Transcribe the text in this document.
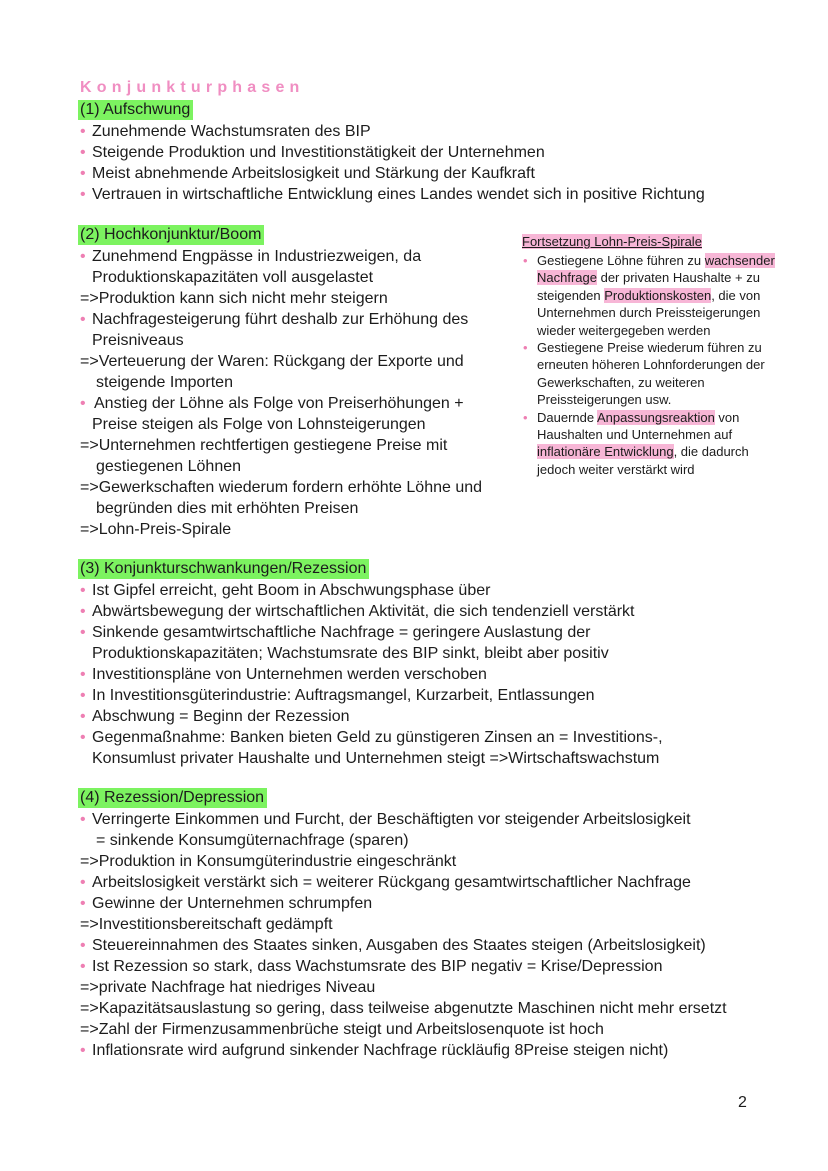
Konjunkturphasen
(1) Aufschwung
• Zunehmende Wachstumsraten des BIP
• Steigende Produktion und Investitionstätigkeit der Unternehmen
• Meist abnehmende Arbeitslosigkeit und Stärkung der Kaufkraft
• Vertrauen in wirtschaftliche Entwicklung eines Landes wendet sich in positive Richtung
(2) Hochkonjunktur/Boom
• Zunehmend Engpässe in Industriezweigen, da
Produktionskapazitäten voll ausgelastet
=>Produktion kann sich nicht mehr steigern
• Nachfragesteigerung führt deshalb zur Erhöhung des
Preisniveaus
=>Verteuerung der Waren: Rückgang der Exporte und
steigende Importen
• Anstieg der Löhne als Folge von Preiserhöhungen +
Preise steigen als Folge von Lohnsteigerungen
=>Unternehmen rechtfertigen gestiegene Preise mit
gestiegenen Löhnen
=>Gewerkschaften wiederum fordern erhöhte Löhne und
begründen dies mit erhöhten Preisen
=>Lohn-Preis-Spirale
Fortsetzung Lohn-Preis-Spirale
• Gestiegene Löhne führen zu wachsender
Nachfrage der privaten Haushalte + zu
steigenden Produktionskosten, die von
Unternehmen durch Preissteigerungen
wieder weitergegeben werden
• Gestiegene Preise wiederum führen zu
erneuten höheren Lohnforderungen der
Gewerkschaften, zu weiteren
Preissteigerungen usw.
• Dauernde Anpassungsreaktion von
Haushalten und Unternehmen auf
inflationäre Entwicklung, die dadurch
jedoch weiter verstärkt wird
(3) Konjunkturschwankungen/Rezession
• Ist Gipfel erreicht, geht Boom in Abschwungsphase über
• Abwärtsbewegung der wirtschaftlichen Aktivität, die sich tendenziell verstärkt
• Sinkende gesamtwirtschaftliche Nachfrage = geringere Auslastung der
Produktionskapazitäten; Wachstumsrate des BIP sinkt, bleibt aber positiv
• Investitionspläne von Unternehmen werden verschoben
• In Investitionsgüterindustrie: Auftragsmangel, Kurzarbeit, Entlassungen
• Abschwung = Beginn der Rezession
• Gegenmaßnahme: Banken bieten Geld zu günstigeren Zinsen an = Investitions-,
Konsumlust privater Haushalte und Unternehmen steigt =>Wirtschaftswachstum
(4) Rezession/Depression
• Verringerte Einkommen und Furcht, der Beschäftigten vor steigender Arbeitslosigkeit
= sinkende Konsumgüternachfrage (sparen)
=>Produktion in Konsumgüterindustrie eingeschränkt
• Arbeitslosigkeit verstärkt sich = weiterer Rückgang gesamtwirtschaftlicher Nachfrage
• Gewinne der Unternehmen schrumpfen
=>Investitionsbereitschaft gedämpft
• Steuereinnahmen des Staates sinken, Ausgaben des Staates steigen (Arbeitslosigkeit)
• Ist Rezession so stark, dass Wachstumsrate des BIP negativ = Krise/Depression
=>private Nachfrage hat niedriges Niveau
=>Kapazitätsauslastung so gering, dass teilweise abgenutzte Maschinen nicht mehr ersetzt
=>Zahl der Firmenzusammenbrüche steigt und Arbeitslosenquote ist hoch
• Inflationsrate wird aufgrund sinkender Nachfrage rückläufig 8Preise steigen nicht)
2
